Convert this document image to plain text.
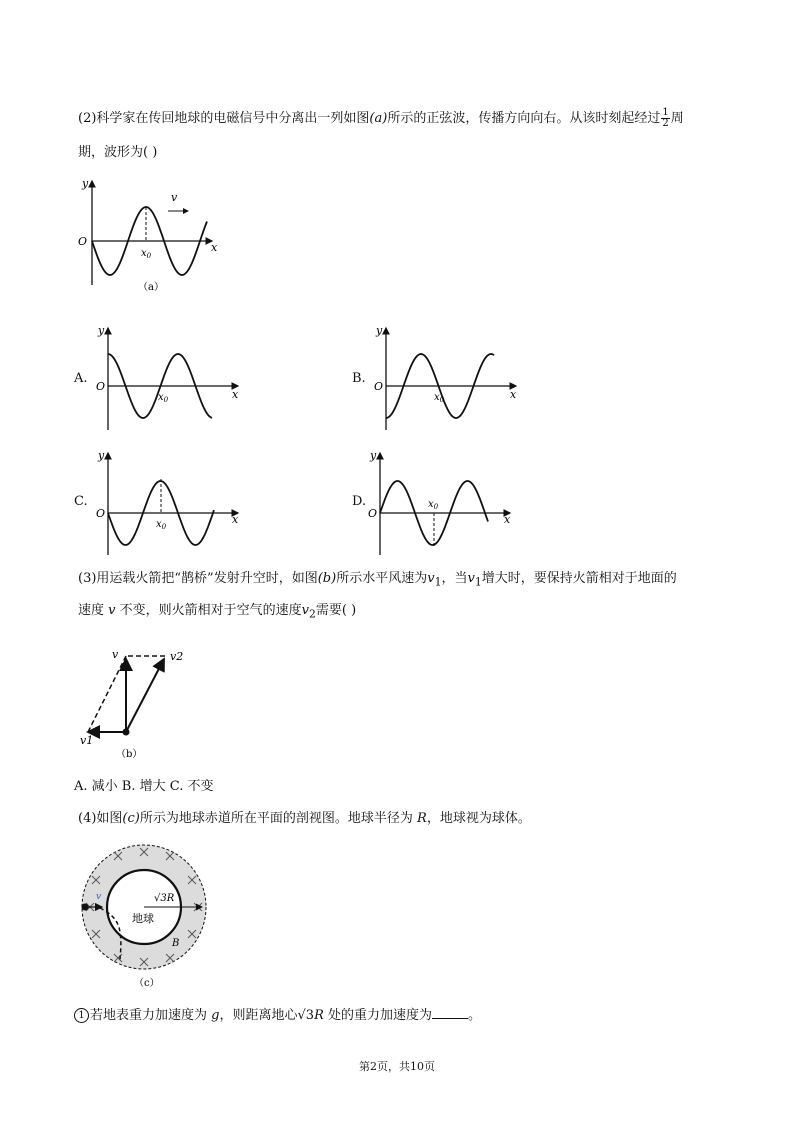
(2)科学家在传回地球的电磁信号中分离出一列如图(a)所示的正弦波，传播方向向右。从该时刻起经过 $\frac{1}{2}$ 周
期，波形为( )
y
O	x
$x_0$
v
（a）
A.
y
O
x
$x_0$
B.
y
O
x
$x_0$
C.
y
O	x
$x_0$
D.
y
O	x
$x_0$
(3)用运载火箭把“鹊桥”发射升空时，如图(b)所示水平风速为$v_1$，当$v_1$增大时，要保持火箭相对于地面的
速度 v 不变，则火箭相对于空气的速度$v_2$需要( )
v	v2
v1
（b）
A. 减小 B. 增大 C. 不变
(4)如图(c)所示为地球赤道所在平面的剖视图。地球半径为 R，地球视为球体。
v	√3R
地球
B
（c）
1 若地表重力加速度为 g，则距离地心√3R 处的重力加速度为	。
第2页，共10页
